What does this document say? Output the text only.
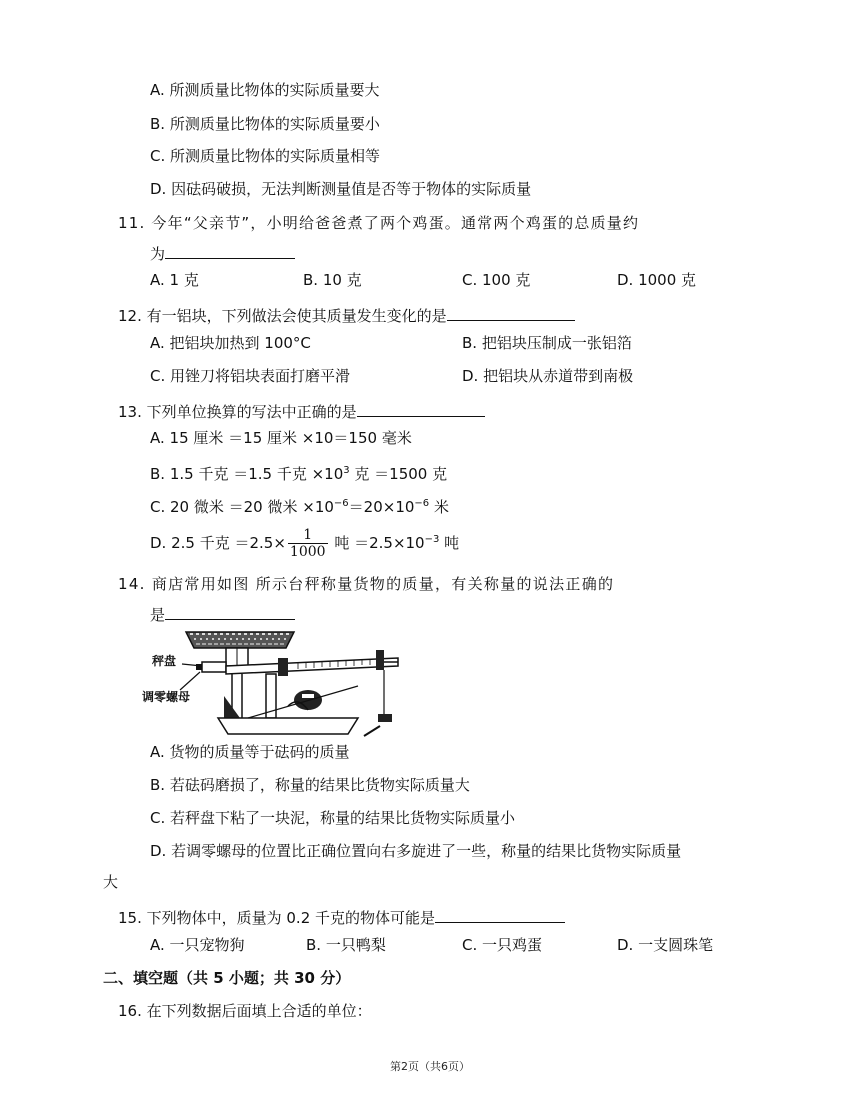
A. 所测质量比物体的实际质量要大
B. 所测质量比物体的实际质量要小
C. 所测质量比物体的实际质量相等
D. 因砝码破损，无法判断测量值是否等于物体的实际质量
11. 今年“父亲节”，小明给爸爸煮了两个鸡蛋。通常两个鸡蛋的总质量约
为
A. 1 克	B. 10 克	C. 100 克	D. 1000 克
12. 有一铝块，下列做法会使其质量发生变化的是
A. 把铝块加热到 100°C	B. 把铝块压制成一张铝箔
C. 用锉刀将铝块表面打磨平滑	D. 把铝块从赤道带到南极
13. 下列单位换算的写法中正确的是
A. 15 厘米 ＝15 厘米 ×10＝150 毫米
B. 1.5 千克 ＝1.5 千克 $\times 10^3$ 克 ＝1500 克
C. 20 微米 ＝20 微米 $\times 10^{-6}=20\times 10^{-6}$ 米
D. 2.5 千克 $=2.5\times \frac{1}{1000}$ 吨 $=2.5\times 10^{-3}$ 吨
14. 商店常用如图 所示台秤称量货物的质量，有关称量的说法正确的
是
秤盘
调零螺母
A. 货物的质量等于砝码的质量
B. 若砝码磨损了，称量的结果比货物实际质量大
C. 若秤盘下粘了一块泥，称量的结果比货物实际质量小
D. 若调零螺母的位置比正确位置向右多旋进了一些，称量的结果比货物实际质量
大
15. 下列物体中，质量为 0.2 千克的物体可能是
A. 一只宠物狗	B. 一只鸭梨	C. 一只鸡蛋	D. 一支圆珠笔
二、填空题（共 5 小题；共 30 分）
16. 在下列数据后面填上合适的单位：
第2页（共6页）
